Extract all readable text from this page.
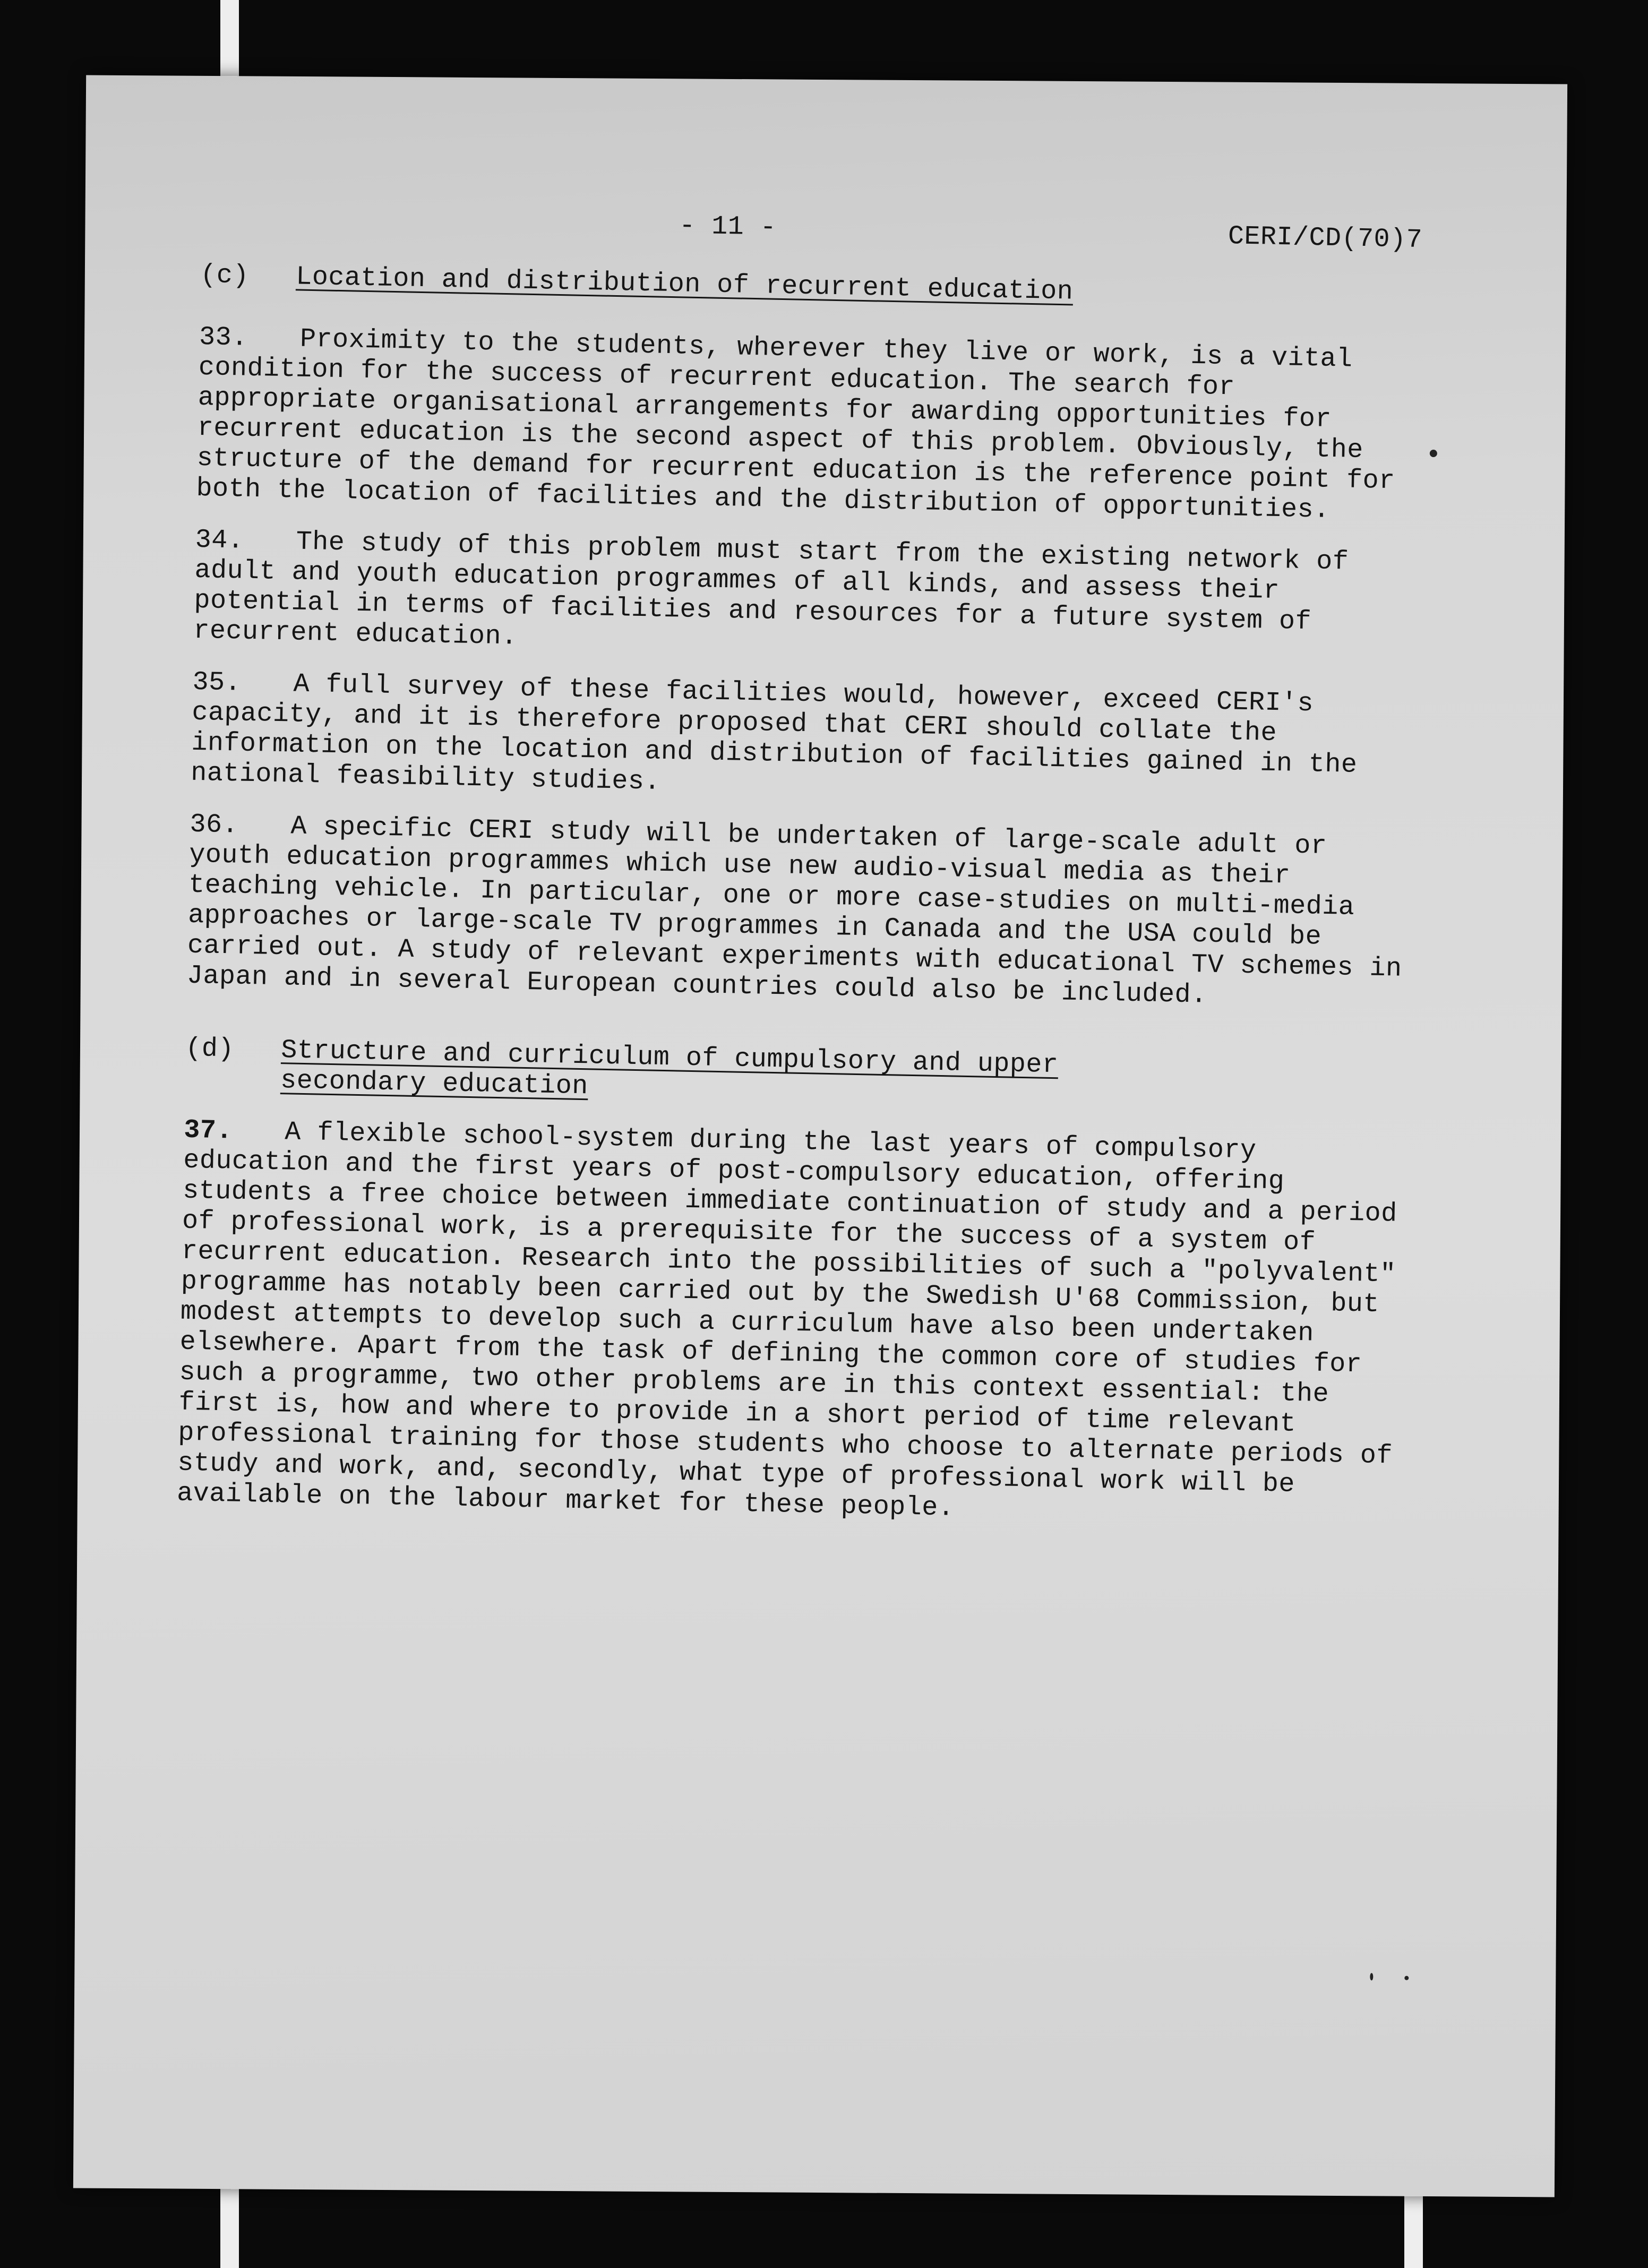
- 11 -	CERI/CD(70)7
(c) Location and distribution of recurrent education

33. Proximity to the students, wherever they live or work, is a vital condition for the success of recurrent education. The search for appropriate organisational arrangements for awarding opportunities for recurrent education is the second aspect of this problem. Obviously, the structure of the demand for recurrent education is the reference point for both the location of facilities and the distribution of opportunities.

34. The study of this problem must start from the existing network of adult and youth education programmes of all kinds, and assess their potential in terms of facilities and resources for a future system of recurrent education.

35. A full survey of these facilities would, however, exceed CERI's capacity, and it is therefore proposed that CERI should collate the information on the location and distribution of facilities gained in the national feasibility studies.

36. A specific CERI study will be undertaken of large-scale adult or youth education programmes which use new audio-visual media as their teaching vehicle. In particular, one or more case-studies on multi-media approaches or large-scale TV programmes in Canada and the USA could be carried out. A study of relevant experiments with educational TV schemes in Japan and in several European countries could also be included.

(d) Structure and curriculum of cumpulsory and upper secondary education

37. A flexible school-system during the last years of compulsory education and the first years of post-compulsory education, offering students a free choice between immediate continuation of study and a period of professional work, is a prerequisite for the success of a system of recurrent education. Research into the possibilities of such a "polyvalent" programme has notably been carried out by the Swedish U'68 Commission, but modest attempts to develop such a curriculum have also been undertaken elsewhere. Apart from the task of defining the common core of studies for such a programme, two other problems are in this context essential: the first is, how and where to provide in a short period of time relevant professional training for those students who choose to alternate periods of study and work, and, secondly, what type of professional work will be available on the labour market for these people.
